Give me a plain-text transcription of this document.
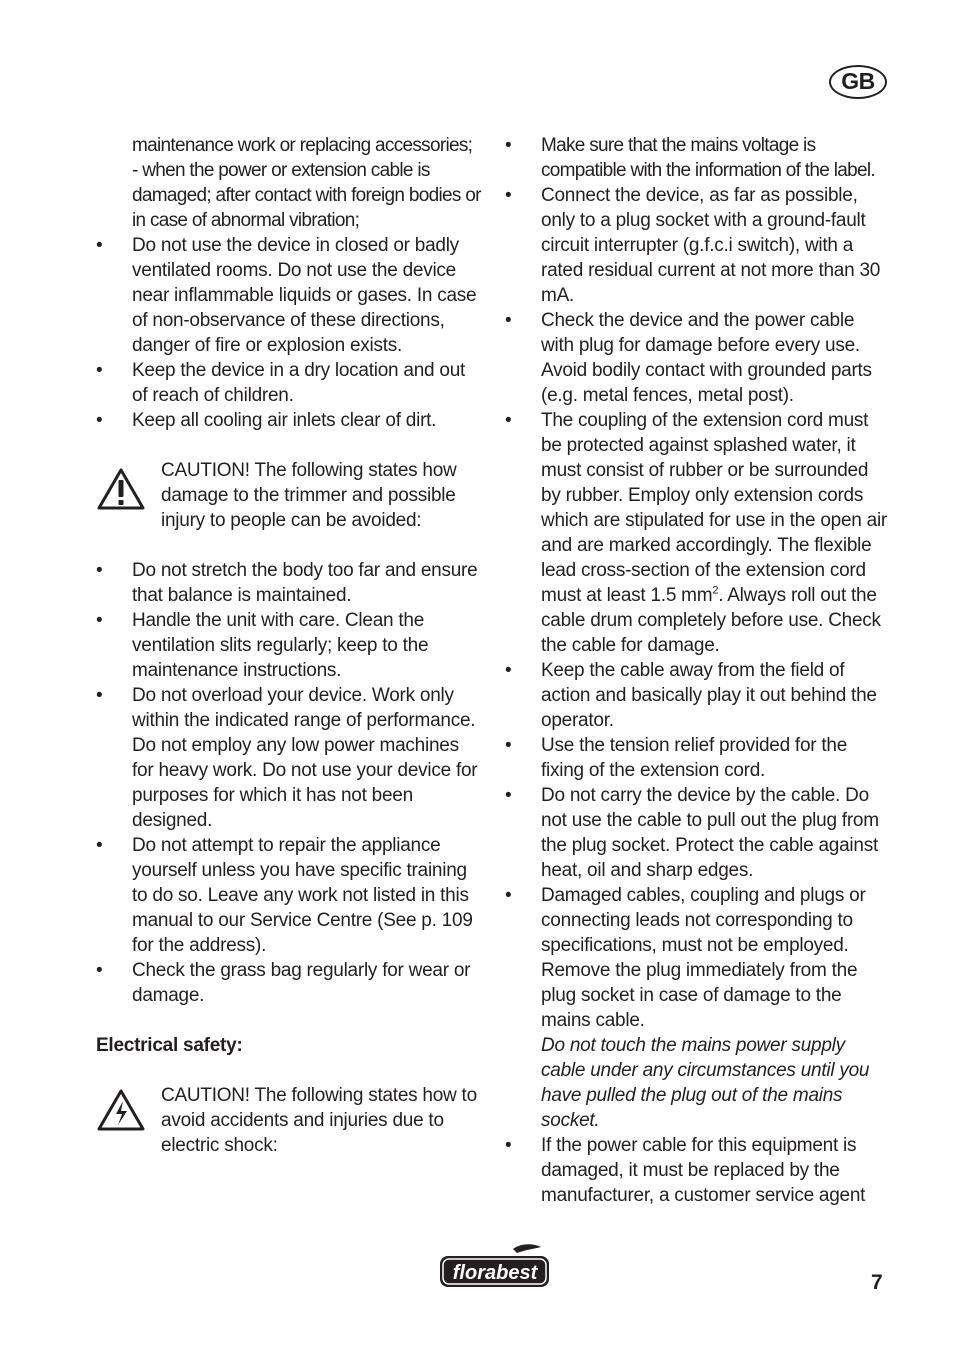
GB

maintenance work or replacing accessories;

- when the power or extension cable is damaged; after contact with foreign bodies or in case of abnormal vibration;

• Do not use the device in closed or badly ventilated rooms. Do not use the device near inflammable liquids or gases. In case of non-observance of these directions, danger of fire or explosion exists.
• Keep the device in a dry location and out of reach of children.
• Keep all cooling air inlets clear of dirt.
CAUTION! The following states how damage to the trimmer and possible injury to people can be avoided:
• Do not stretch the body too far and ensure that balance is maintained.
• Handle the unit with care. Clean the ventilation slits regularly; keep to the maintenance instructions.
• Do not overload your device. Work only within the indicated range of performance. Do not employ any low power machines for heavy work. Do not use your device for purposes for which it has not been designed.
• Do not attempt to repair the appliance yourself unless you have specific training to do so. Leave any work not listed in this manual to our Service Centre (See p. 109 for the address).
• Check the grass bag regularly for wear or damage.

Electrical safety:

CAUTION! The following states how to avoid accidents and injuries due to electric shock:
• Make sure that the mains voltage is compatible with the information of the label.
• Connect the device, as far as possible, only to a plug socket with a ground-fault circuit interrupter (g.f.c.i switch), with a rated residual current at not more than 30 mA.
• Check the device and the power cable with plug for damage before every use. Avoid bodily contact with grounded parts (e.g. metal fences, metal post).
• The coupling of the extension cord must be protected against splashed water, it must consist of rubber or be surrounded by rubber. Employ only extension cords which are stipulated for use in the open air and are marked accordingly. The flexible lead cross-section of the extension cord must at least 1.5 $mm^2$. Always roll out the cable drum completely before use. Check the cable for damage.
• Keep the cable away from the field of action and basically play it out behind the operator.
• Use the tension relief provided for the fixing of the extension cord.
• Do not carry the device by the cable. Do not use the cable to pull out the plug from the plug socket. Protect the cable against heat, oil and sharp edges.
• Damaged cables, coupling and plugs or connecting leads not corresponding to specifications, must not be employed. Remove the plug immediately from the plug socket in case of damage to the mains cable.
Do not touch the mains power supply cable under any circumstances until you have pulled the plug out of the mains socket.
• If the power cable for this equipment is damaged, it must be replaced by the manufacturer, a customer service agent
florabest	7
